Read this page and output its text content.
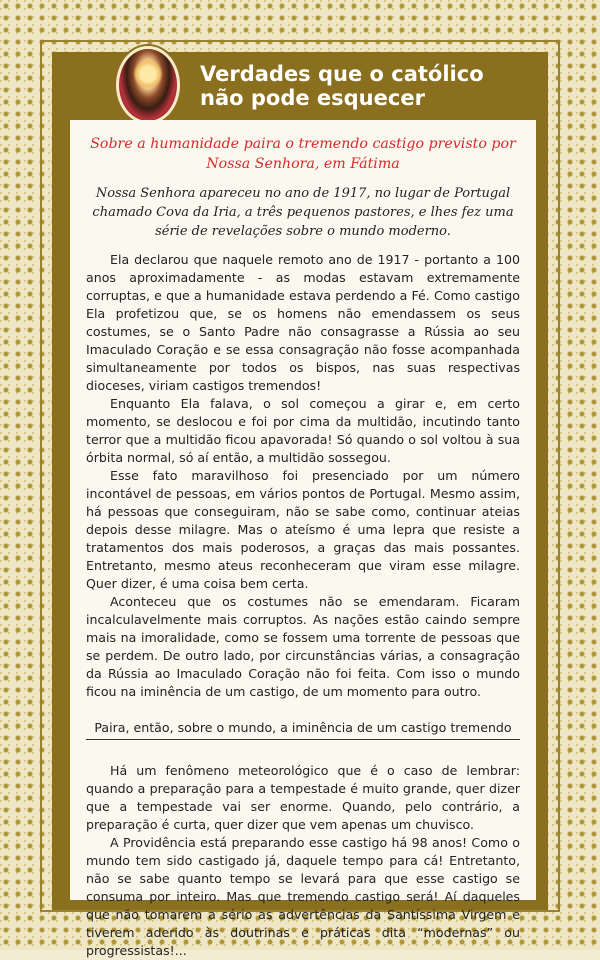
Verdades que o católico
não pode esquecer

Sobre a humanidade paira o tremendo castigo previsto por Nossa Senhora, em Fátima

Nossa Senhora apareceu no ano de 1917, no lugar de Portugal chamado Cova da Iria, a três pequenos pastores, e lhes fez uma série de revelações sobre o mundo moderno.

Ela declarou que naquele remoto ano de 1917 - portanto a 100 anos aproximadamente - as modas estavam extremamente corruptas, e que a humanidade estava perdendo a Fé. Como castigo Ela profetizou que, se os homens não emendassem os seus costumes, se o Santo Padre não consagrasse a Rússia ao seu Imaculado Coração e se essa consagração não fosse acompanhada simultaneamente por todos os bispos, nas suas respectivas dioceses, viriam castigos tremendos!

Enquanto Ela falava, o sol começou a girar e, em certo momento, se deslocou e foi por cima da multidão, incutindo tanto terror que a multidão ficou apavorada! Só quando o sol voltou à sua órbita normal, só aí então, a multidão sossegou.

Esse fato maravilhoso foi presenciado por um número incontável de pessoas, em vários pontos de Portugal. Mesmo assim, há pessoas que conseguiram, não se sabe como, continuar ateias depois desse milagre. Mas o ateísmo é uma lepra que resiste a tratamentos dos mais poderosos, a graças das mais possantes. Entretanto, mesmo ateus reconheceram que viram esse milagre. Quer dizer, é uma coisa bem certa.

Aconteceu que os costumes não se emendaram. Ficaram incalculavelmente mais corruptos. As nações estão caindo sempre mais na imoralidade, como se fossem uma torrente de pessoas que se perdem. De outro lado, por circunstâncias várias, a consagração da Rússia ao Imaculado Coração não foi feita. Com isso o mundo ficou na iminência de um castigo, de um momento para outro.

Paira, então, sobre o mundo, a iminência de um castigo tremendo

Há um fenômeno meteorológico que é o caso de lembrar: quando a preparação para a tempestade é muito grande, quer dizer que a tempestade vai ser enorme. Quando, pelo contrário, a preparação é curta, quer dizer que vem apenas um chuvisco.

A Providência está preparando esse castigo há 98 anos! Como o mundo tem sido castigado já, daquele tempo para cá! Entretanto, não se sabe quanto tempo se levará para que esse castigo se consuma por inteiro. Mas que tremendo castigo será! Aí daqueles que não tomarem a sério as advertências da Santíssima Virgem e tiverem aderido às doutrinas e práticas dita “modernas” ou progressistas!...
